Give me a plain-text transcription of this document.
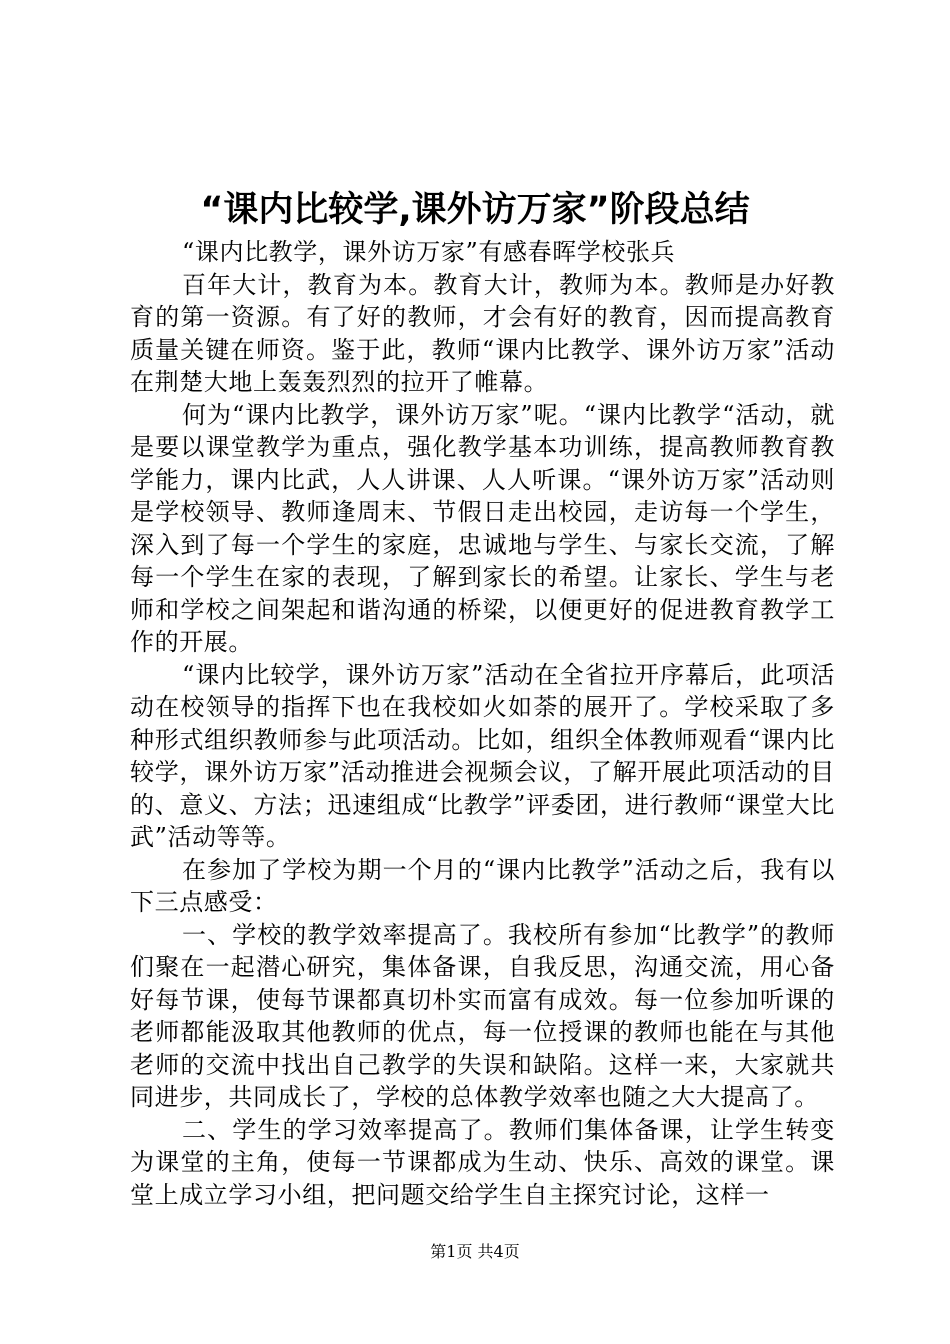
“课内比较学,课外访万家”阶段总结

“课内比教学，课外访万家”有感春晖学校张兵

百年大计，教育为本。教育大计，教师为本。教师是办好教育的第一资源。有了好的教师，才会有好的教育，因而提高教育质量关键在师资。鉴于此，教师“课内比教学、课外访万家”活动在荆楚大地上轰轰烈烈的拉开了帷幕。

何为“课内比教学，课外访万家”呢。“课内比教学“活动，就是要以课堂教学为重点，强化教学基本功训练，提高教师教育教学能力，课内比武，人人讲课、人人听课。“课外访万家”活动则是学校领导、教师逢周末、节假日走出校园，走访每一个学生，深入到了每一个学生的家庭，忠诚地与学生、与家长交流，了解每一个学生在家的表现，了解到家长的希望。让家长、学生与老师和学校之间架起和谐沟通的桥梁，以便更好的促进教育教学工作的开展。

“课内比较学，课外访万家”活动在全省拉开序幕后，此项活动在校领导的指挥下也在我校如火如荼的展开了。学校采取了多种形式组织教师参与此项活动。比如，组织全体教师观看“课内比较学，课外访万家”活动推进会视频会议，了解开展此项活动的目的、意义、方法；迅速组成“比教学”评委团，进行教师“课堂大比武”活动等等。

在参加了学校为期一个月的“课内比教学”活动之后，我有以下三点感受：

一、学校的教学效率提高了。我校所有参加“比教学”的教师们聚在一起潜心研究，集体备课，自我反思，沟通交流，用心备好每节课，使每节课都真切朴实而富有成效。每一位参加听课的老师都能汲取其他教师的优点，每一位授课的教师也能在与其他老师的交流中找出自己教学的失误和缺陷。这样一来，大家就共同进步，共同成长了，学校的总体教学效率也随之大大提高了。

二、学生的学习效率提高了。教师们集体备课，让学生转变为课堂的主角，使每一节课都成为生动、快乐、高效的课堂。课堂上成立学习小组，把问题交给学生自主探究讨论，这样一

第1页 共4页
